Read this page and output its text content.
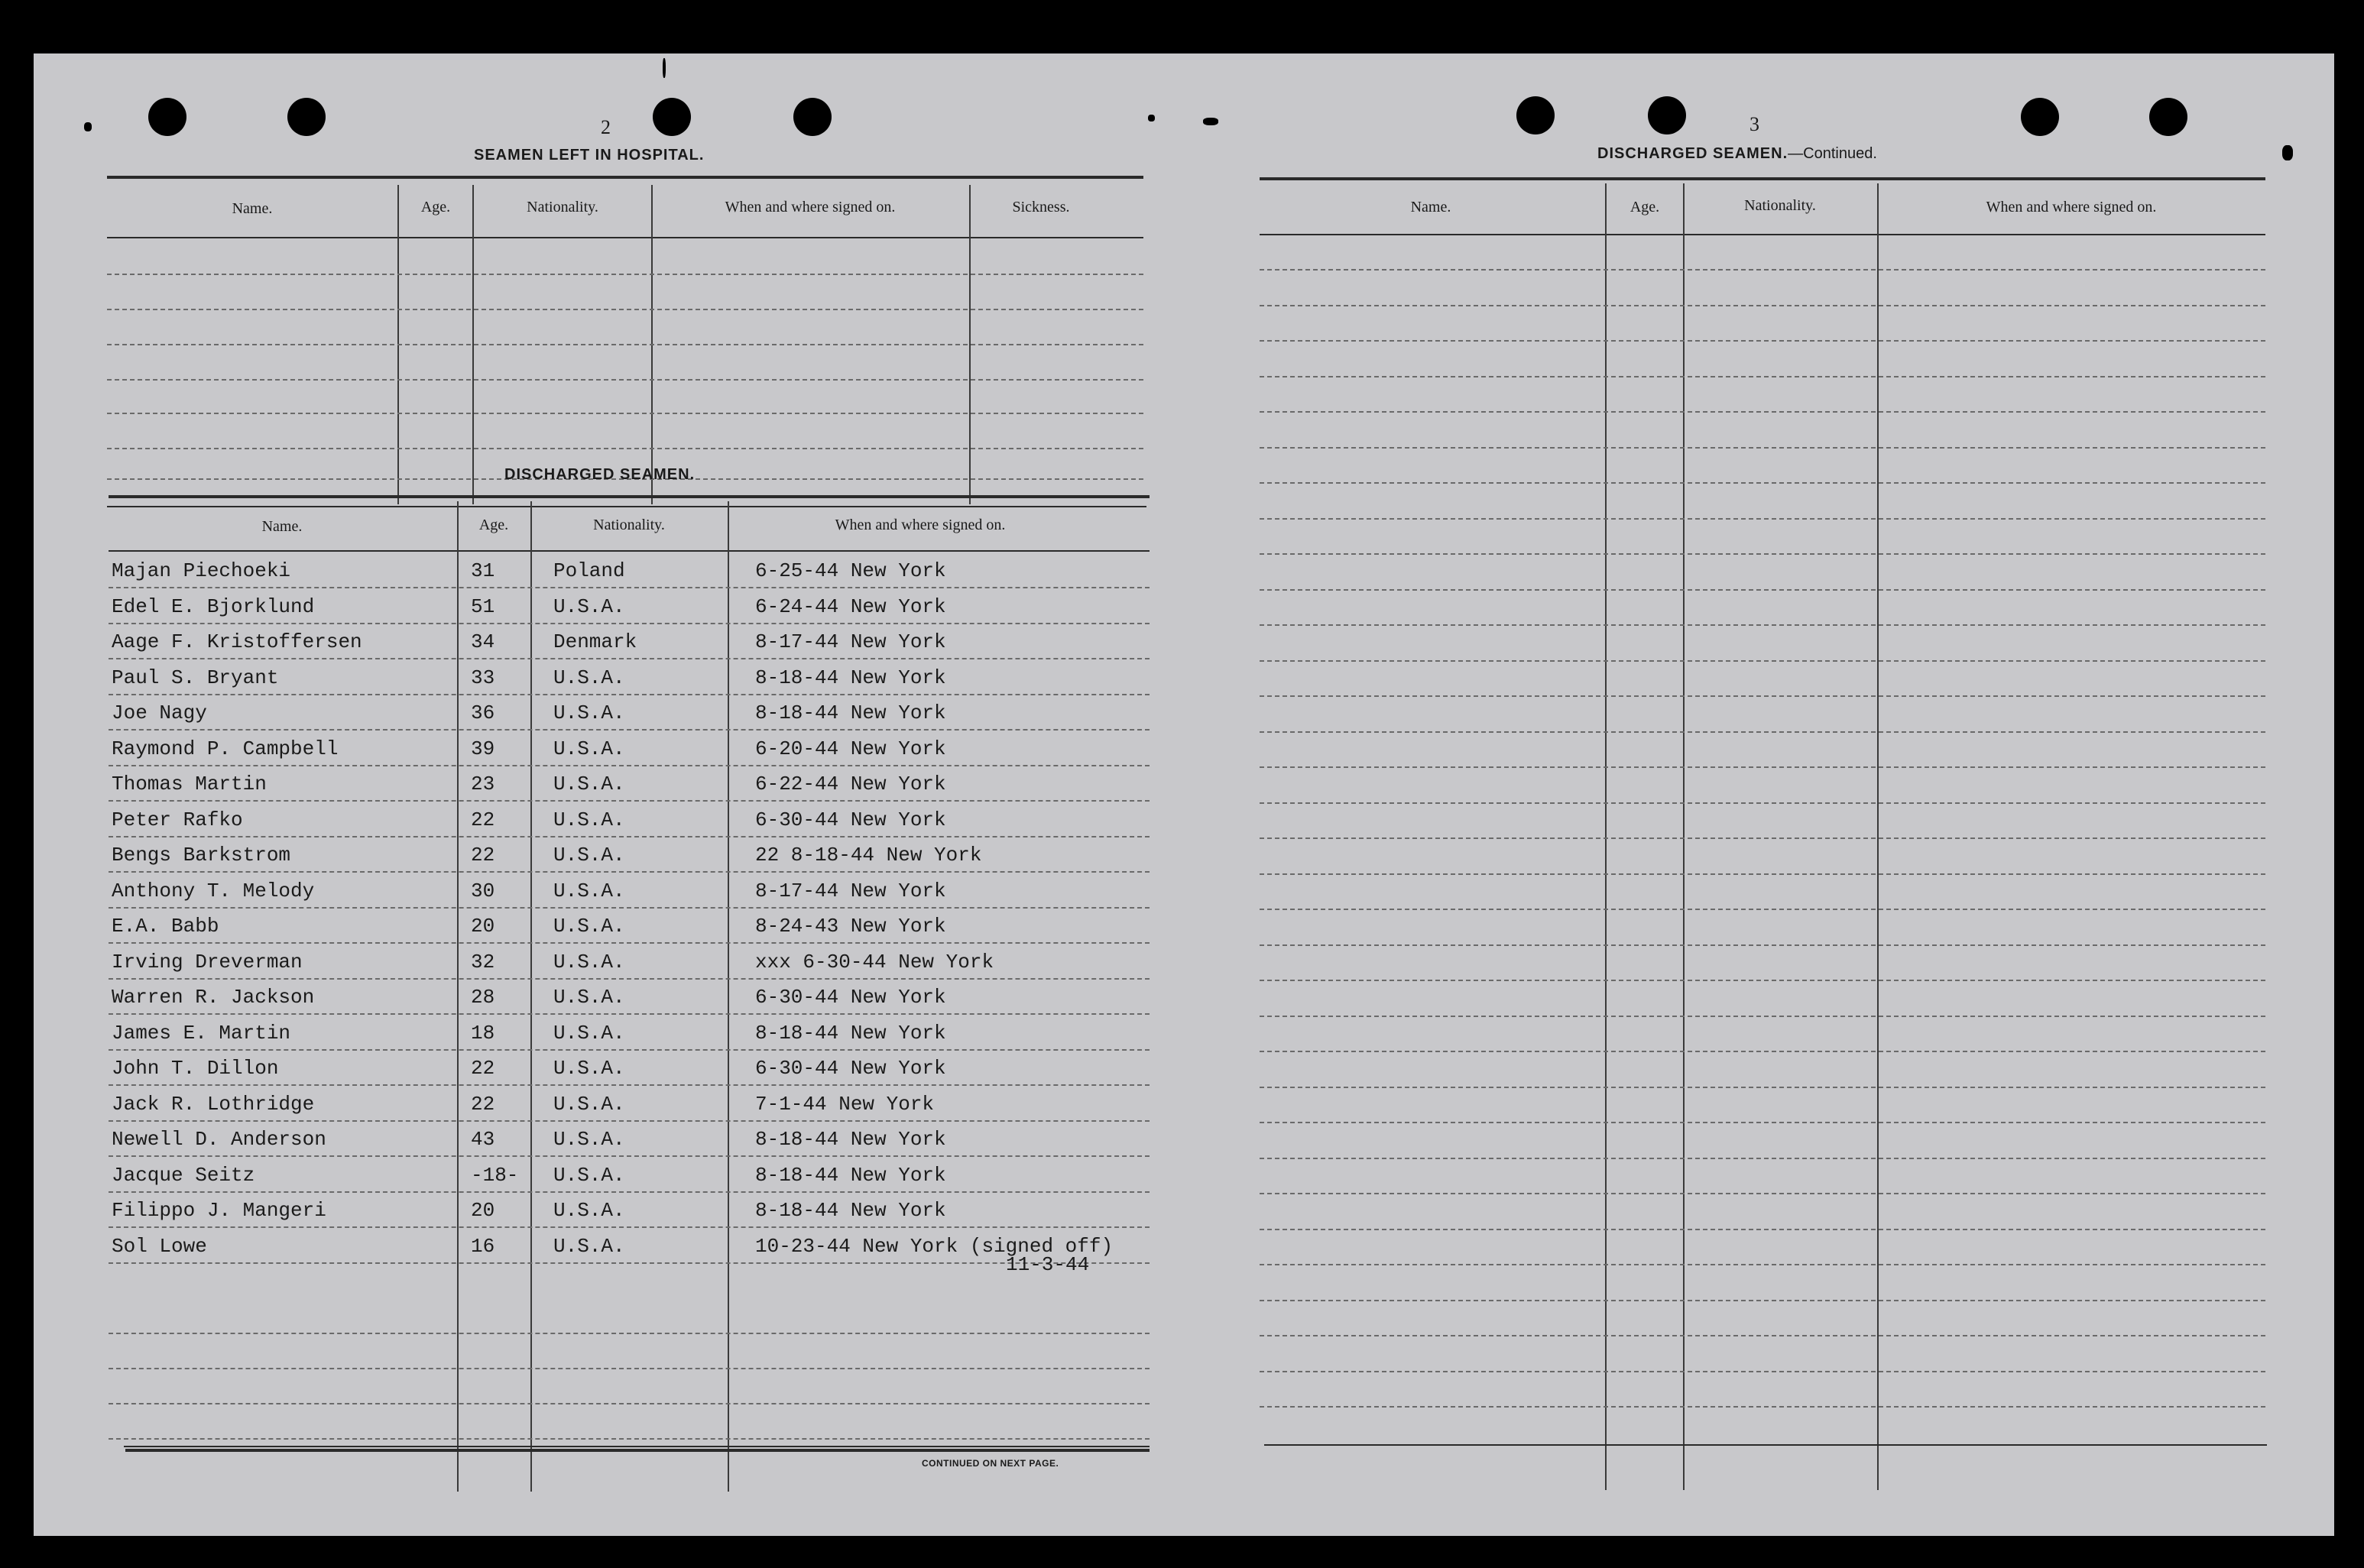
2
SEAMEN LEFT IN HOSPITAL.
Name.	Age.	Nationality.	When and where signed on.	Sickness.
DISCHARGED SEAMEN.
Name.	Age.	Nationality.	When and where signed on.
Majan Piechoeki	31	Poland	6-25-44 New York
Edel E. Bjorklund	51	U.S.A.	6-24-44 New York
Aage F. Kristoffersen	34	Denmark	8-17-44 New York
Paul S. Bryant	33	U.S.A.	8-18-44 New York
Joe Nagy	36	U.S.A.	8-18-44 New York
Raymond P. Campbell	39	U.S.A.	6-20-44 New York
Thomas Martin	23	U.S.A.	6-22-44 New York
Peter Rafko	22	U.S.A.	6-30-44 New York
Bengs Barkstrom	22	U.S.A.	22 8-18-44 New York
Anthony T. Melody	30	U.S.A.	8-17-44 New York
E.A. Babb	20	U.S.A.	8-24-43 New York
Irving Dreverman	32	U.S.A.	xxx 6-30-44 New York
Warren R. Jackson	28	U.S.A.	6-30-44 New York
James E. Martin	18	U.S.A.	8-18-44 New York
John T. Dillon	22	U.S.A.	6-30-44 New York
Jack R. Lothridge	22	U.S.A.	7-1-44 New York
Newell D. Anderson	43	U.S.A.	8-18-44 New York
Jacque Seitz	-18- U.S.A.	8-18-44 New York
Filippo J. Mangeri	20	U.S.A.	8-18-44 New York
Sol Lowe	16	U.S.A.	10-23-44 New York (signed off)
11-3-44
CONTINUED ON NEXT PAGE.
3
DISCHARGED SEAMEN.—Continued.
Name.	Age.	Nationality.	When and where signed on.
